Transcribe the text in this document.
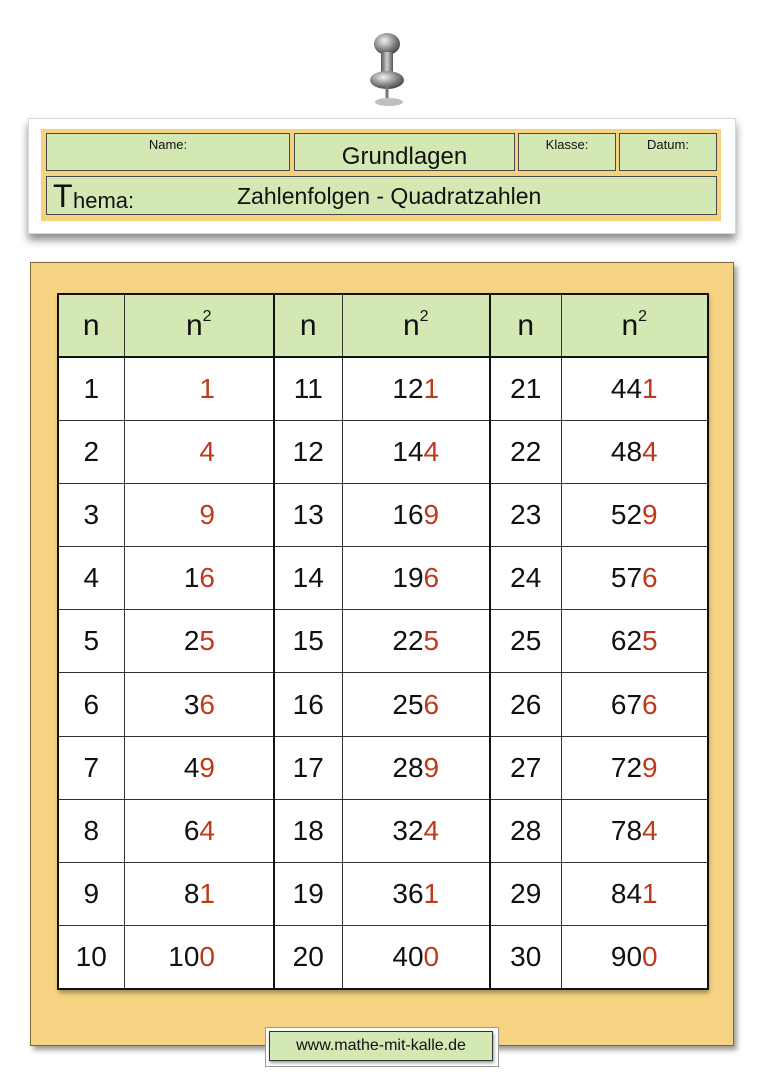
Name:	Grundlagen	Klasse:	Datum:
T hema:	Zahlenfolgen - Quadratzahlen
n	$n^2$	n	$n^2$	n	$n^2$
1	1	11	121	21	441
2	4	12	144	22	484
3	9	13	169	23	529
4	16	14	196	24	576
5	25	15	225	25	625
6	36	16	256	26	676
7	49	17	289	27	729
8	64	18	324	28	784
9	81	19	361	29	841
10	100	20	400	30	900
www.mathe-mit-kalle.de
